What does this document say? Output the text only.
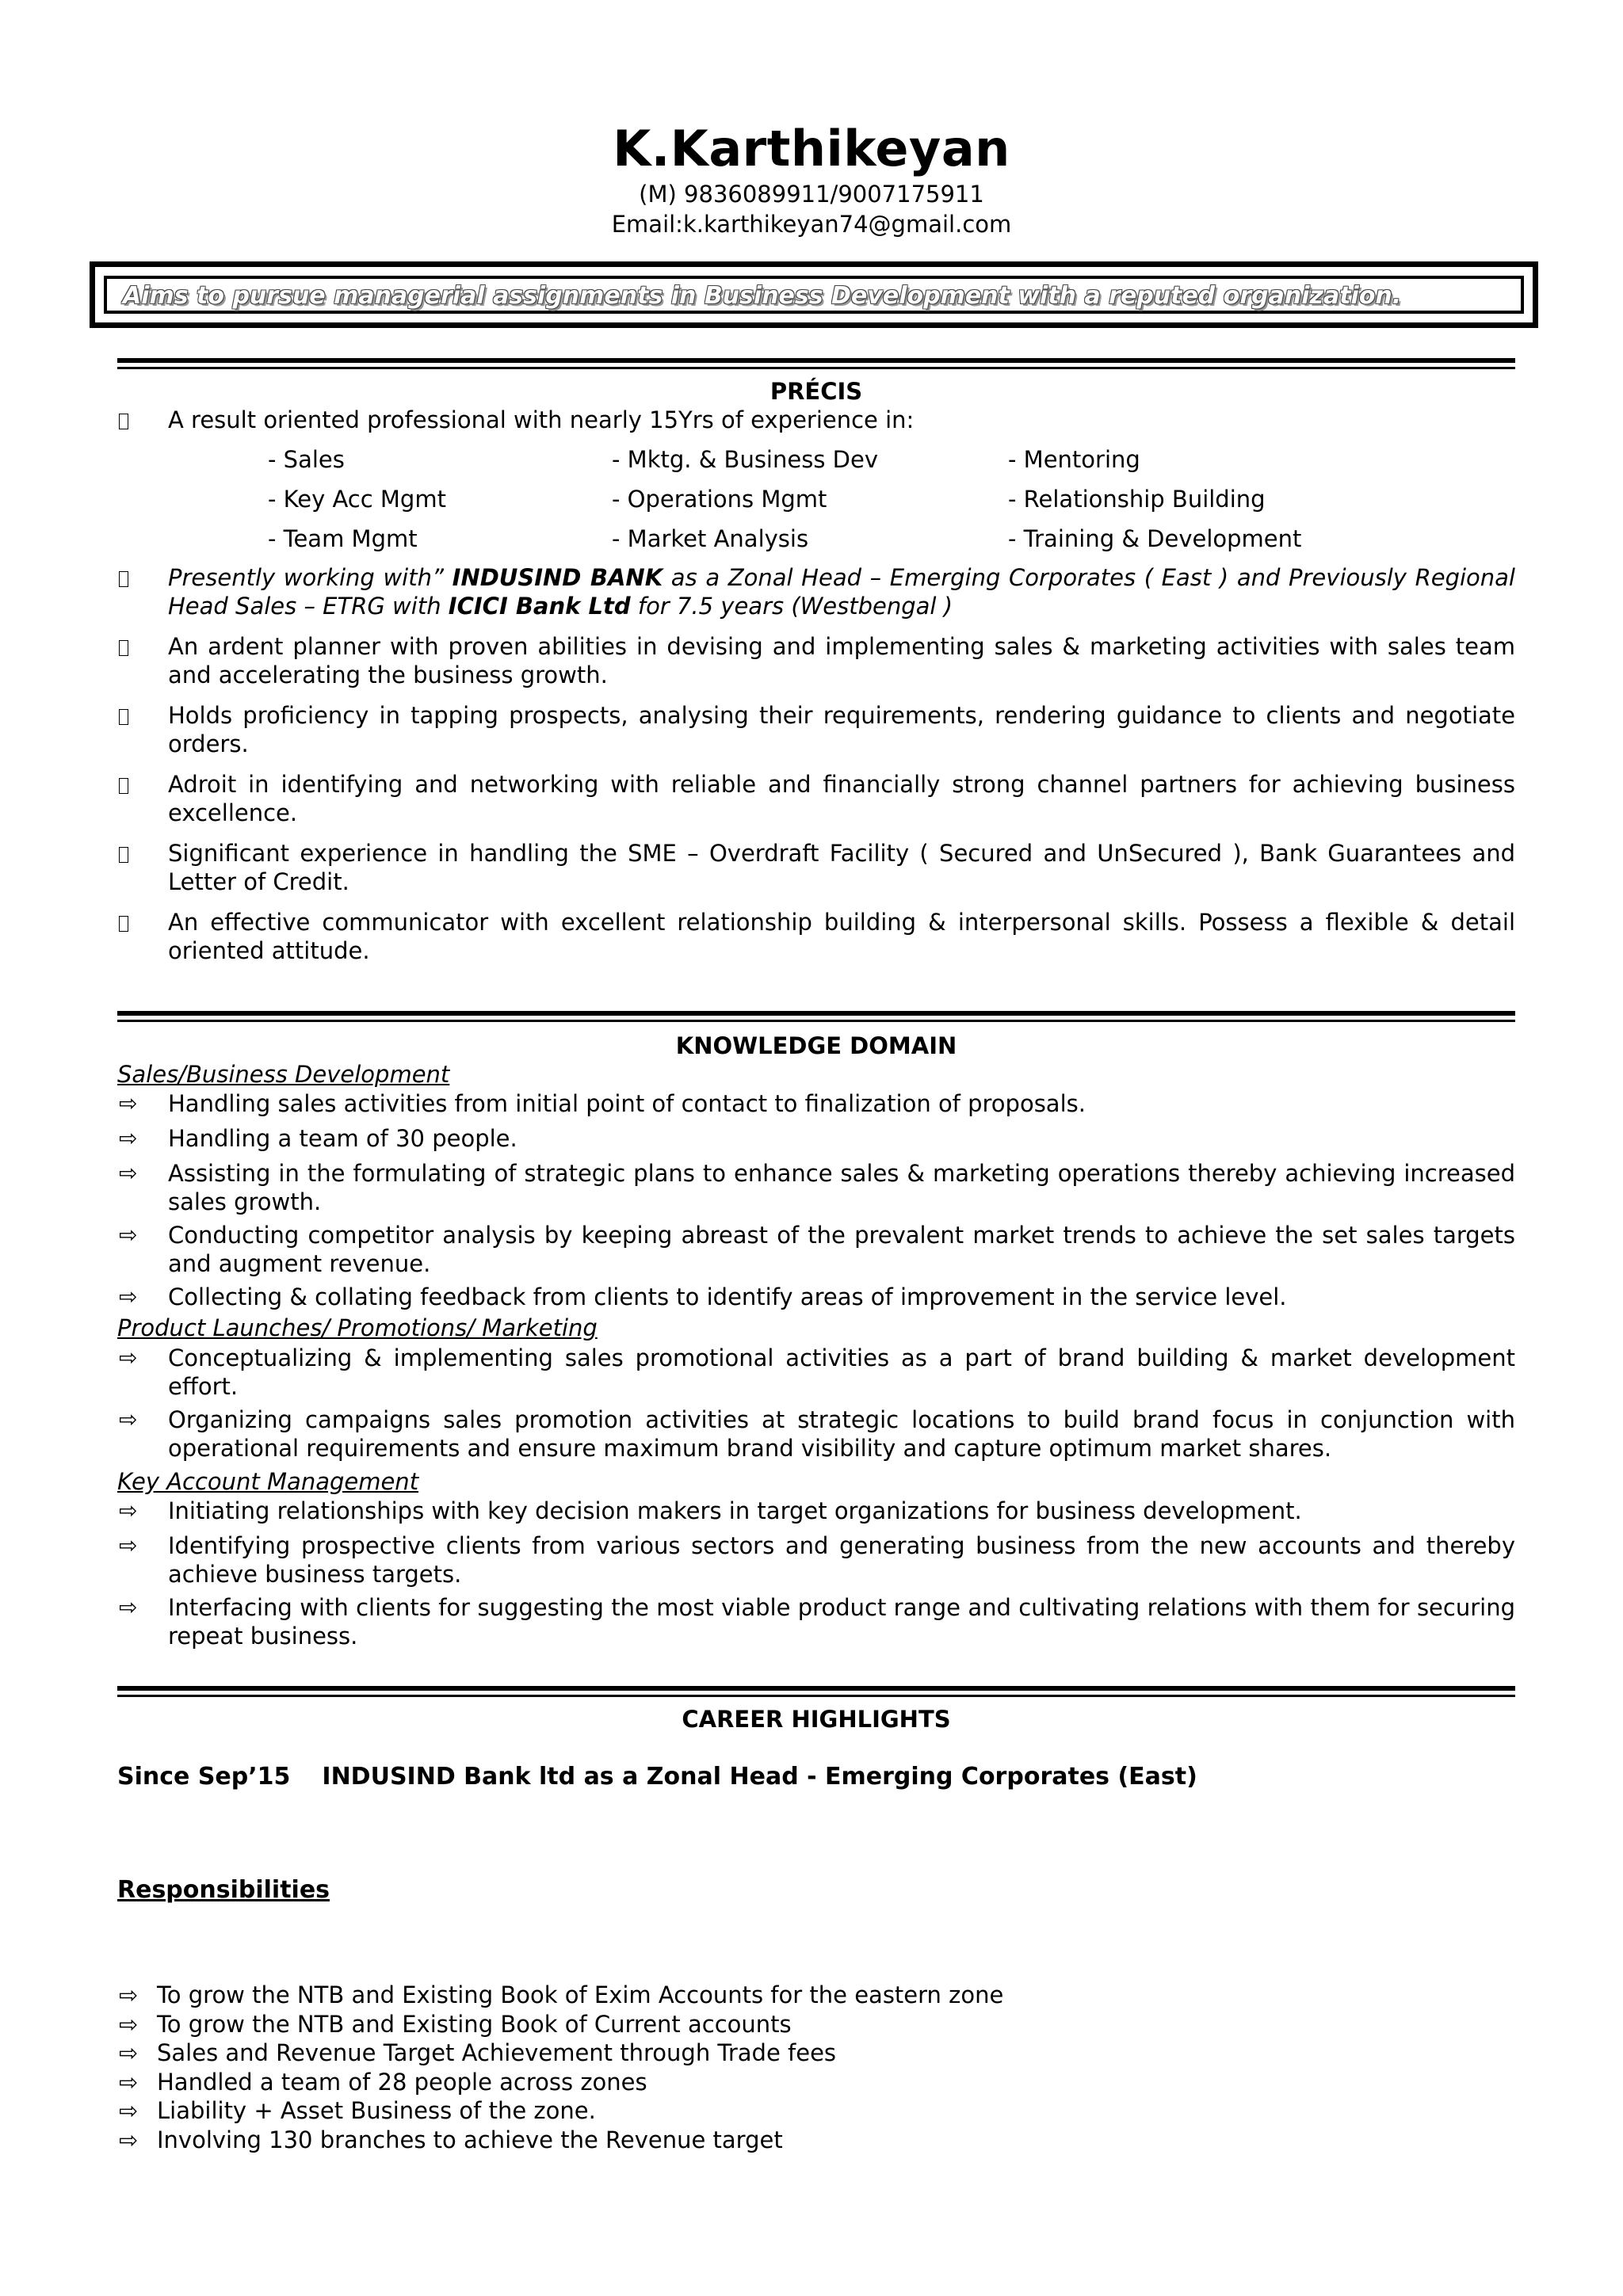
K.Karthikeyan
(M) 9836089911/9007175911
Email:k.karthikeyan74@gmail.com
Aims to pursue managerial assignments in Business Development with a reputed organization.
PRÉCIS
A result oriented professional with nearly 15Yrs of experience in:
- Sales	- Mktg. & Business Dev	- Mentoring
- Key Acc Mgmt	- Operations Mgmt	- Relationship Building
- Team Mgmt	- Market Analysis	- Training & Development
Presently working with” INDUSIND BANK as a Zonal Head – Emerging Corporates ( East ) and Previously Regional Head Sales – ETRG with ICICI Bank Ltd for 7.5 years (Westbengal )
An ardent planner with proven abilities in devising and implementing sales & marketing activities with sales team and accelerating the business growth.
Holds proficiency in tapping prospects, analysing their requirements, rendering guidance to clients and negotiate orders.
Adroit in identifying and networking with reliable and financially strong channel partners for achieving business excellence.
Significant experience in handling the SME – Overdraft Facility ( Secured and UnSecured ), Bank Guarantees and Letter of Credit.
An effective communicator with excellent relationship building & interpersonal skills. Possess a flexible & detail oriented attitude.
KNOWLEDGE DOMAIN
Sales/Business Development
⇨	Handling sales activities from initial point of contact to finalization of proposals.
⇨	Handling a team of 30 people.
⇨	Assisting in the formulating of strategic plans to enhance sales & marketing operations thereby achieving increased sales growth.
⇨	Conducting competitor analysis by keeping abreast of the prevalent market trends to achieve the set sales targets and augment revenue.
⇨	Collecting & collating feedback from clients to identify areas of improvement in the service level.
Product Launches/ Promotions/ Marketing
⇨	Conceptualizing & implementing sales promotional activities as a part of brand building & market development effort.
⇨	Organizing campaigns sales promotion activities at strategic locations to build brand focus in conjunction with operational requirements and ensure maximum brand visibility and capture optimum market shares.
Key Account Management
⇨	Initiating relationships with key decision makers in target organizations for business development.
⇨	Identifying prospective clients from various sectors and generating business from the new accounts and thereby achieve business targets.
⇨	Interfacing with clients for suggesting the most viable product range and cultivating relations with them for securing repeat business.
CAREER HIGHLIGHTS
Since Sep’15 INDUSIND Bank ltd as a Zonal Head - Emerging Corporates (East)
Responsibilities
⇨ To grow the NTB and Existing Book of Exim Accounts for the eastern zone
⇨ To grow the NTB and Existing Book of Current accounts
⇨ Sales and Revenue Target Achievement through Trade fees
⇨ Handled a team of 28 people across zones
⇨ Liability + Asset Business of the zone.
⇨ Involving 130 branches to achieve the Revenue target
